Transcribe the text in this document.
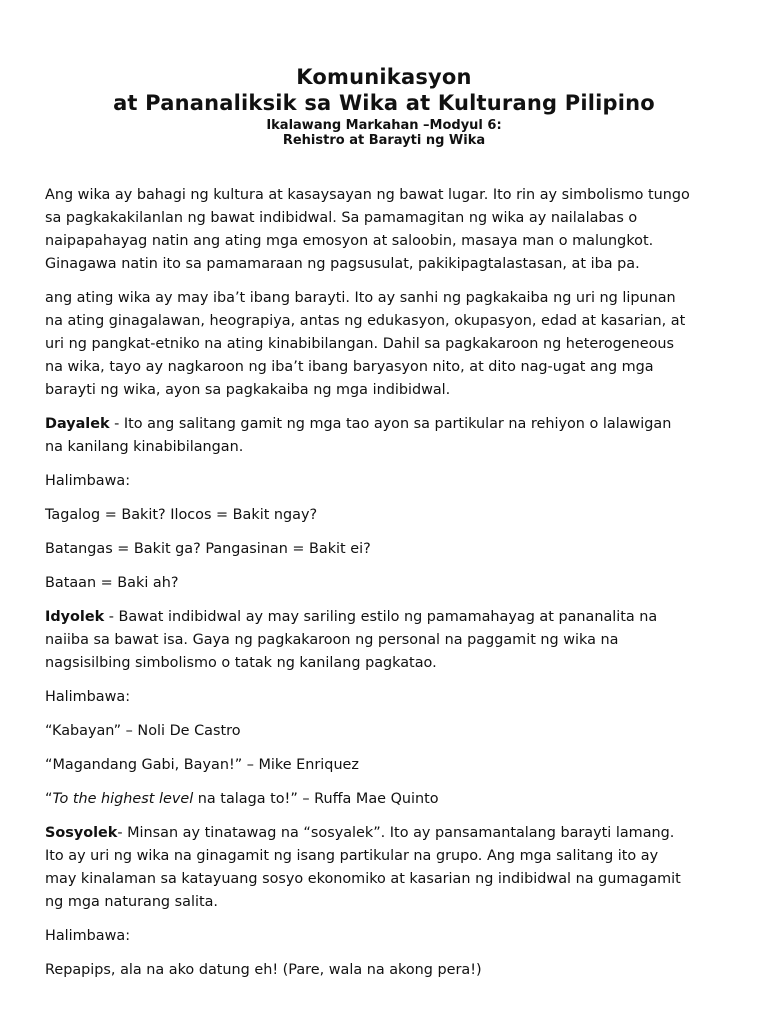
Komunikasyon
at Pananaliksik sa Wika at Kulturang Pilipino
Ikalawang Markahan –Modyul 6:
Rehistro at Barayti ng Wika

Ang wika ay bahagi ng kultura at kasaysayan ng bawat lugar. Ito rin ay simbolismo tungo
sa pagkakakilanlan ng bawat indibidwal. Sa pamamagitan ng wika ay nailalabas o
naipapahayag natin ang ating mga emosyon at saloobin, masaya man o malungkot.
Ginagawa natin ito sa pamamaraan ng pagsusulat, pakikipagtalastasan, at iba pa.

ang ating wika ay may iba’t ibang barayti. Ito ay sanhi ng pagkakaiba ng uri ng lipunan
na ating ginagalawan, heograpiya, antas ng edukasyon, okupasyon, edad at kasarian, at
uri ng pangkat-etniko na ating kinabibilangan. Dahil sa pagkakaroon ng heterogeneous
na wika, tayo ay nagkaroon ng iba’t ibang baryasyon nito, at dito nag-ugat ang mga
barayti ng wika, ayon sa pagkakaiba ng mga indibidwal.

Dayalek - Ito ang salitang gamit ng mga tao ayon sa partikular na rehiyon o lalawigan
na kanilang kinabibilangan.

Halimbawa:

Tagalog = Bakit? Ilocos = Bakit ngay?

Batangas = Bakit ga? Pangasinan = Bakit ei?

Bataan = Baki ah?

Idyolek - Bawat indibidwal ay may sariling estilo ng pamamahayag at pananalita na
naiiba sa bawat isa. Gaya ng pagkakaroon ng personal na paggamit ng wika na
nagsisilbing simbolismo o tatak ng kanilang pagkatao.

Halimbawa:

“Kabayan” – Noli De Castro

“Magandang Gabi, Bayan!” – Mike Enriquez

“To the highest level na talaga to!” – Ruffa Mae Quinto

Sosyolek- Minsan ay tinatawag na “sosyalek”. Ito ay pansamantalang barayti lamang.
Ito ay uri ng wika na ginagamit ng isang partikular na grupo. Ang mga salitang ito ay
may kinalaman sa katayuang sosyo ekonomiko at kasarian ng indibidwal na gumagamit
ng mga naturang salita.

Halimbawa:

Repapips, ala na ako datung eh! (Pare, wala na akong pera!)
